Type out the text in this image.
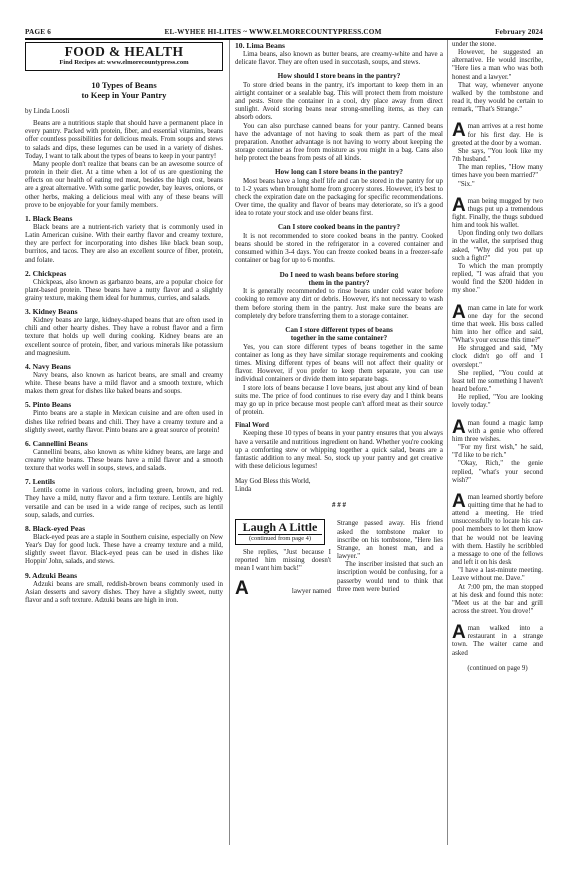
PAGE 6	EL-WYHEE HI-LITES ~ WWW.ELMORECOUNTYPRESS.COM	February 2024
FOOD & HEALTH
Find Recipes at: www.elmorecountypress.com
10 Types of Beans
to Keep in Your Pantry
by Linda Loosli

Beans are a nutritious staple that should have a permanent place in every pantry. Packed with protein, fiber, and essential vitamins, beans offer countless possibilities for delicious meals. From soups and stews to salads and dips, these legumes can be used in a variety of dishes. Today, I want to talk about the types of beans to keep in your pantry!

Many people don't realize that beans can be an awesome source of protein in their diet. At a time when a lot of us are questioning the effects on our health of eating red meat, besides the high cost, beans are a great alternative. With some garlic powder, bay leaves, onions, or other herbs, making a delicious meal with any of these beans will prove to be enjoyable for your family members.

1. Black Beans

Black beans are a nutrient-rich variety that is commonly used in Latin American cuisine. With their earthy flavor and creamy texture, they are perfect for incorporating into dishes like black bean soup, burritos, and tacos. They are also an excellent source of fiber, protein, and folate.

2. Chickpeas

Chickpeas, also known as garbanzo beans, are a popular choice for plant-based protein. These beans have a nutty flavor and a slightly grainy texture, making them ideal for hummus, curries, and salads.

3. Kidney Beans

Kidney beans are large, kidney-shaped beans that are often used in chili and other hearty dishes. They have a robust flavor and a firm texture that holds up well during cooking. Kidney beans are an excellent source of protein, fiber, and various minerals like potassium and magnesium.

4. Navy Beans

Navy beans, also known as haricot beans, are small and creamy white. These beans have a mild flavor and a smooth texture, which makes them great for dishes like baked beans and soups.

5. Pinto Beans

Pinto beans are a staple in Mexican cuisine and are often used in dishes like refried beans and chili. They have a creamy texture and a slightly sweet, earthy flavor. Pinto beans are a great source of protein!

6. Cannellini Beans

Cannellini beans, also known as white kidney beans, are large and creamy white beans. These beans have a mild flavor and a smooth texture that works well in soups, stews, and salads.

7. Lentils

Lentils come in various colors, including green, brown, and red. They have a mild, nutty flavor and a firm texture. Lentils are highly versatile and can be used in a wide range of recipes, such as lentil soup, salads, and curries.

8. Black-eyed Peas

Black-eyed peas are a staple in Southern cuisine, especially on New Year's Day for good luck. These have a creamy texture and a mild, slightly sweet flavor. Black-eyed peas can be used in dishes like Hoppin' John, salads, and stews.

9. Adzuki Beans

Adzuki beans are small, reddish-brown beans commonly used in Asian desserts and savory dishes. They have a slightly sweet, nutty flavor and a soft texture. Adzuki beans are high in iron.

10. Lima Beans

Lima beans, also known as butter beans, are creamy-white and have a delicate flavor. They are often used in succotash, soups, and stews.

How should I store beans in the pantry?

To store dried beans in the pantry, it's important to keep them in an airtight container or a sealable bag. This will protect them from moisture and pests. Store the container in a cool, dry place away from direct sunlight. Avoid storing beans near strong-smelling items, as they can absorb odors.

You can also purchase canned beans for your pantry. Canned beans have the advantage of not having to soak them as part of the meal preparation. Another advantage is not having to worry about keeping the storage container as free from moisture as you might in a bag. Cans also help protect the beans from pests of all kinds.

How long can I store beans in the pantry?

Most beans have a long shelf life and can be stored in the pantry for up to 1-2 years when brought home from grocery stores. However, it's best to check the expiration date on the packaging for specific recommendations. Over time, the quality and flavor of beans may deteriorate, so it's a good idea to rotate your stock and use older beans first.

Can I store cooked beans in the pantry?

It is not recommended to store cooked beans in the pantry. Cooked beans should be stored in the refrigerator in a covered container and consumed within 3-4 days. You can freeze cooked beans in a freezer-safe container or bag for up to 6 months.

Do I need to wash beans before storing
them in the pantry?

It is generally recommended to rinse beans under cold water before cooking to remove any dirt or debris. However, it's not necessary to wash them before storing them in the pantry. Just make sure the beans are completely dry before transferring them to a storage container.

Can I store different types of beans
together in the same container?

Yes, you can store different types of beans together in the same container as long as they have similar storage requirements and cooking times. Mixing different types of beans will not affect their quality or flavor. However, if you prefer to keep them separate, you can use individual containers or divide them into separate bags.

I store lots of beans because I love beans, just about any kind of bean suits me. The price of food continues to rise every day and I think beans may go up in price because most people can't afford meat as their source of protein.

Final Word

Keeping these 10 types of beans in your pantry ensures that you always have a versatile and nutritious ingredient on hand. Whether you're cooking up a comforting stew or whipping together a quick salad, beans are a fantastic addition to any meal. So, stock up your pantry and get creative with these delicious legumes!

May God Bless this World,

Linda

# # #
Laugh A Little
(continued from page 4)

She replies, "Just because I reported him missing doesn't mean I want him back!"

A	lawyer named

Strange passed away. His friend asked the tombstone maker to inscribe on his tombstone, "Here lies Strange, an honest man, and a lawyer."

The inscriber insisted that such an inscription would be confusing, for a passerby would tend to think that three men were buried

under the stone.

However, he suggested an alternative. He would inscribe, "Here lies a man who was both honest and a lawyer."

That way, whenever anyone walked by the tombstone and read it, they would be certain to remark, "That's Strange."

Aman arrives at a rest home for his first day. He is greeted at the door by a woman.

She says, "You look like my 7th husband."

The man replies, "How many times have you been married?"

"Six."

Aman being mugged by two thugs put up a tremendous fight. Finally, the thugs subdued him and took his wallet.

Upon finding only two dollars in the wallet, the surprised thug asked, "Why did you put up such a fight?"

To which the man promptly replied, "I was afraid that you would find the $200 hidden in my shoe."

Aman came in late for work one day for the second time that week. His boss called him into her office and said, "What's your excuse this time?"

He shrugged and said, "My clock didn't go off and I overslept."

She replied, "You could at least tell me something I haven't heard before."

He replied, "You are looking lovely today."

Aman found a magic lamp with a genie who offered him three wishes.

"For my first wish," he said, "I'd like to be rich."

"Okay, Rich," the genie replied, "what's your second wish?"

Aman learned shortly before quitting time that he had to attend a meeting. He tried unsuccessfully to locate his car-pool members to let them know that he would not be leaving with them. Hastily he scribbled a message to one of the fellows and left it on his desk

"I have a last-minute meeting. Leave without me. Dave."

At 7:00 pm, the man stopped at his desk and found this note: "Meet us at the bar and grill across the street. You drove!"

Aman walked into a restaurant in a strange town. The waiter came and asked

(continued on page 9)
